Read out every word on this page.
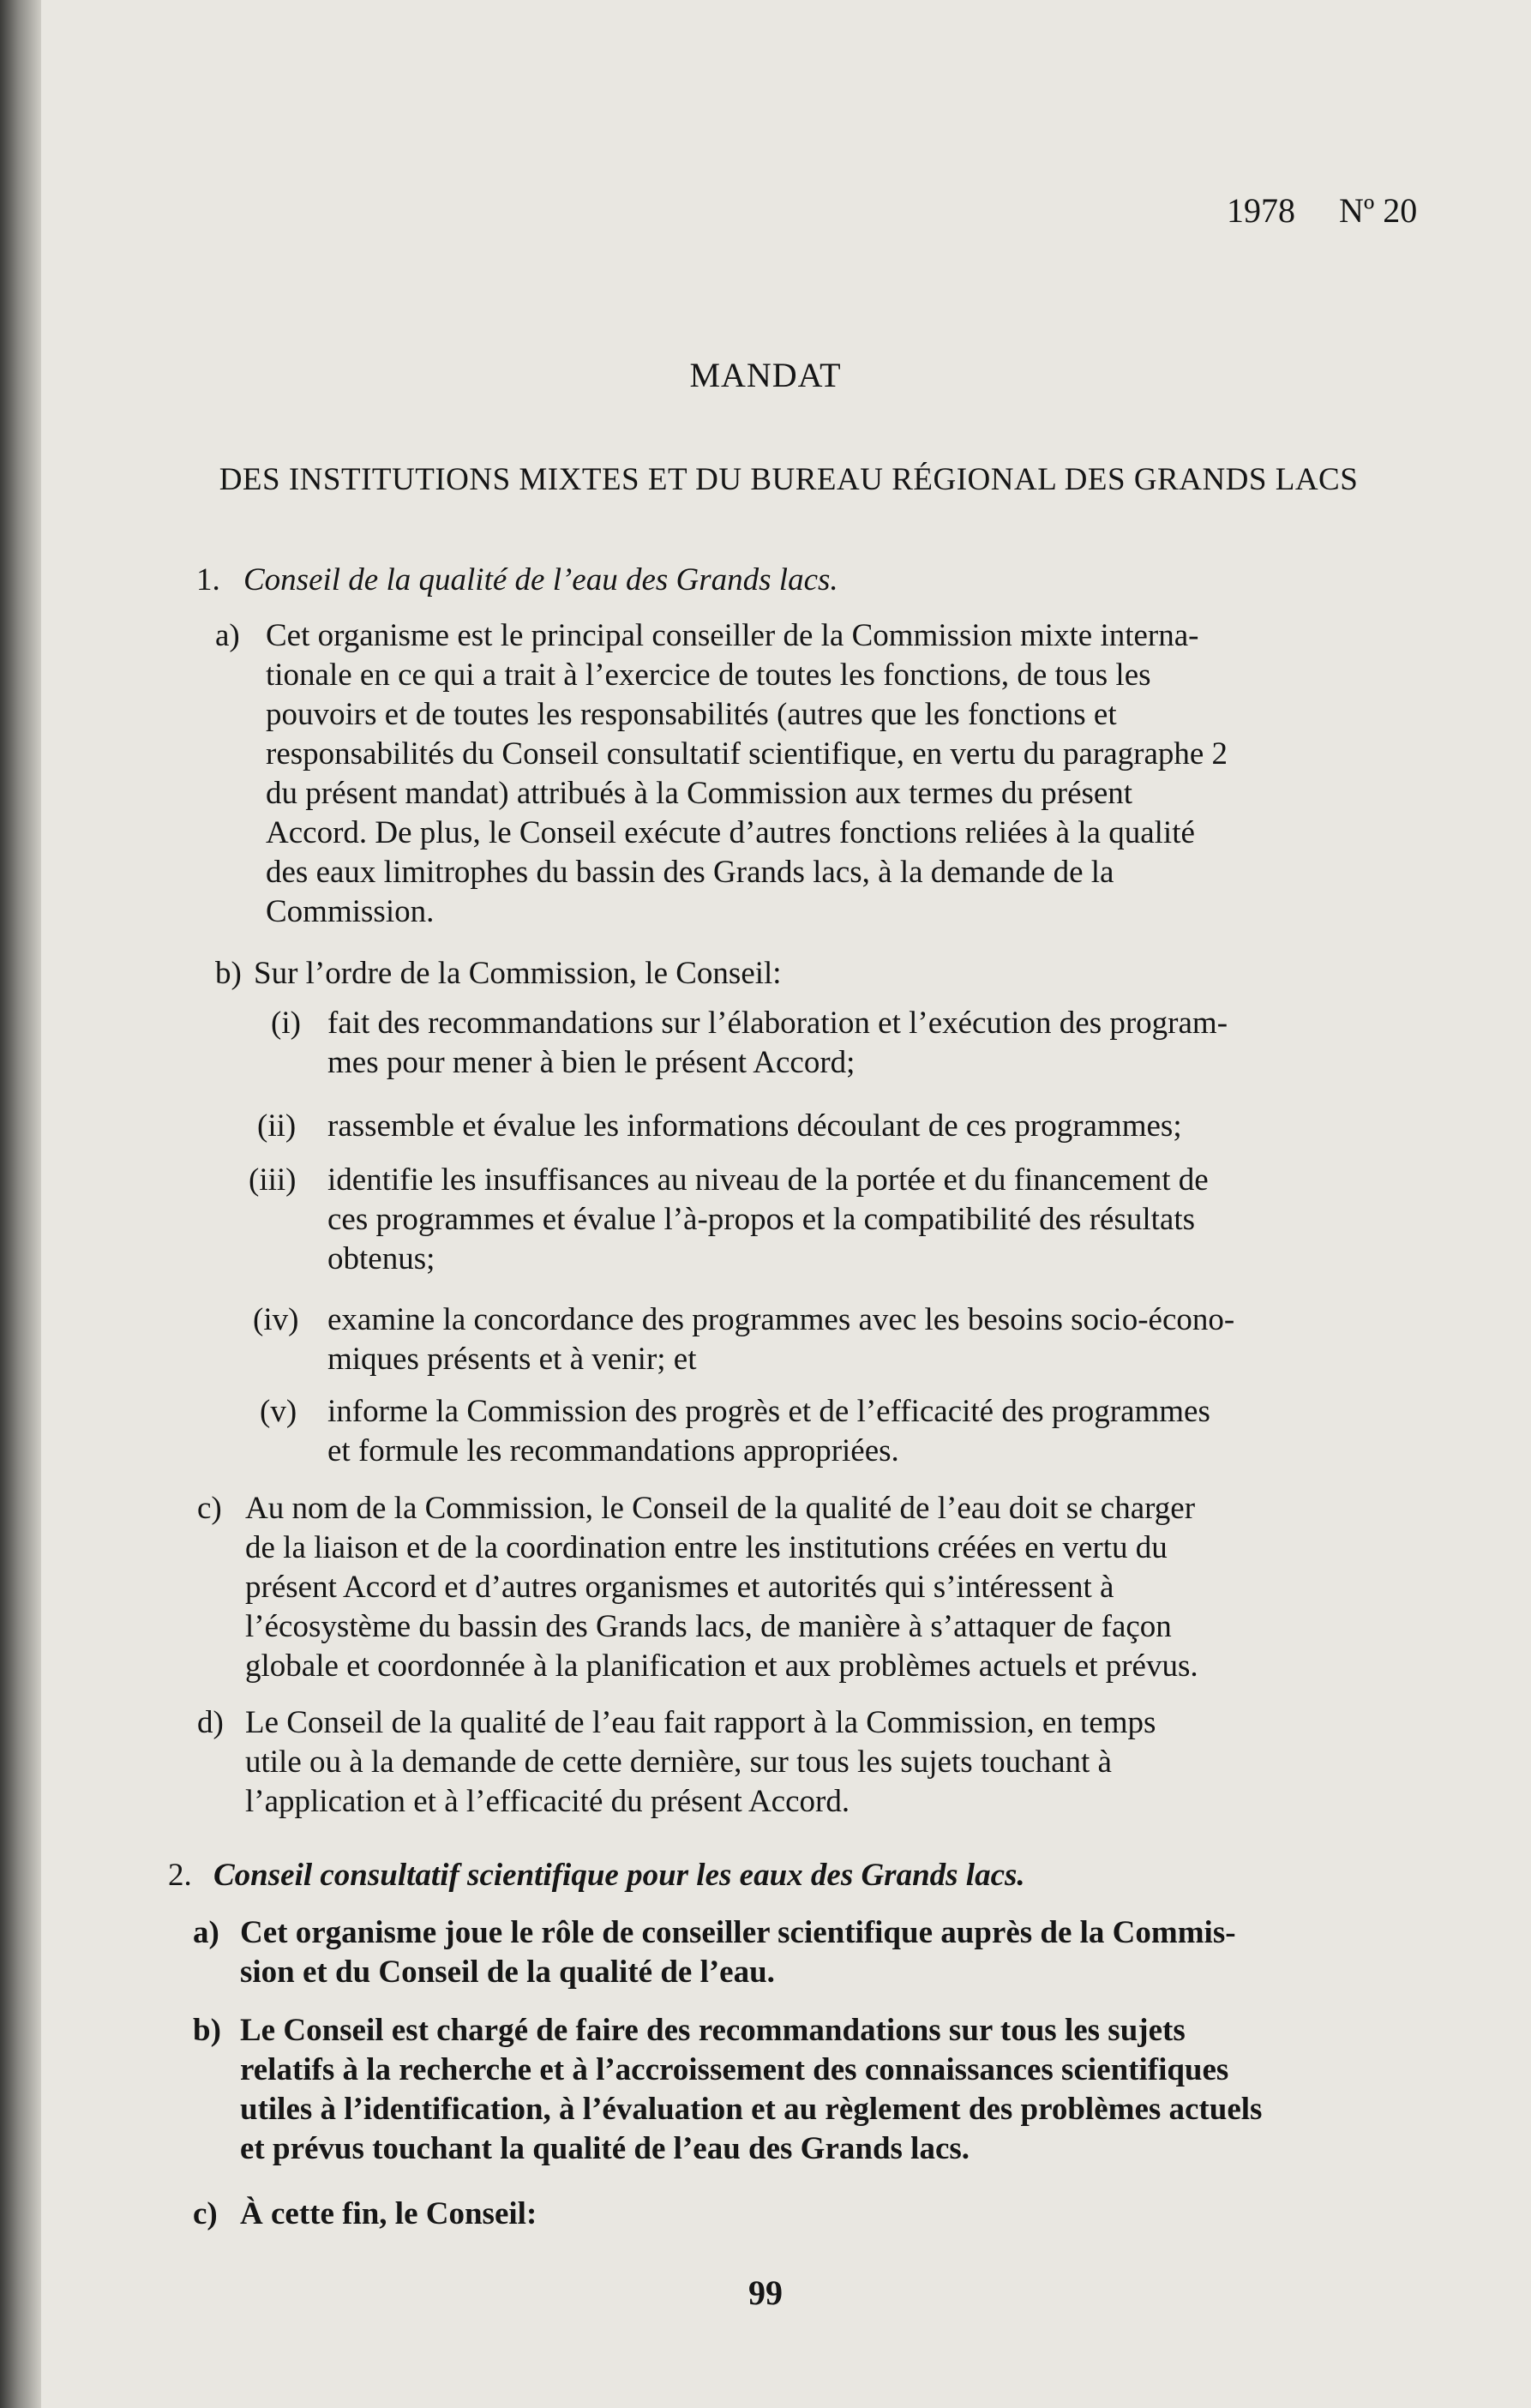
1978 Nº 20
MANDAT
DES INSTITUTIONS MIXTES ET DU BUREAU RÉGIONAL DES GRANDS LACS
1. Conseil de la qualité de l’eau des Grands lacs.
a) Cet organisme est le principal conseiller de la Commission mixte interna-
tionale en ce qui a trait à l’exercice de toutes les fonctions, de tous les
pouvoirs et de toutes les responsabilités (autres que les fonctions et
responsabilités du Conseil consultatif scientifique, en vertu du paragraphe 2
du présent mandat) attribués à la Commission aux termes du présent
Accord. De plus, le Conseil exécute d’autres fonctions reliées à la qualité
des eaux limitrophes du bassin des Grands lacs, à la demande de la
Commission.
b) Sur l’ordre de la Commission, le Conseil:
(i) fait des recommandations sur l’élaboration et l’exécution des program-
mes pour mener à bien le présent Accord;
(ii) rassemble et évalue les informations découlant de ces programmes;
(iii) identifie les insuffisances au niveau de la portée et du financement de
ces programmes et évalue l’à-propos et la compatibilité des résultats
obtenus;
(iv) examine la concordance des programmes avec les besoins socio-écono-
miques présents et à venir; et
(v) informe la Commission des progrès et de l’efficacité des programmes
et formule les recommandations appropriées.
c) Au nom de la Commission, le Conseil de la qualité de l’eau doit se charger
de la liaison et de la coordination entre les institutions créées en vertu du
présent Accord et d’autres organismes et autorités qui s’intéressent à
l’écosystème du bassin des Grands lacs, de manière à s’attaquer de façon
globale et coordonnée à la planification et aux problèmes actuels et prévus.
d) Le Conseil de la qualité de l’eau fait rapport à la Commission, en temps
utile ou à la demande de cette dernière, sur tous les sujets touchant à
l’application et à l’efficacité du présent Accord.
2. Conseil consultatif scientifique pour les eaux des Grands lacs.
a) Cet organisme joue le rôle de conseiller scientifique auprès de la Commis-
sion et du Conseil de la qualité de l’eau.
b) Le Conseil est chargé de faire des recommandations sur tous les sujets
relatifs à la recherche et à l’accroissement des connaissances scientifiques
utiles à l’identification, à l’évaluation et au règlement des problèmes actuels
et prévus touchant la qualité de l’eau des Grands lacs.
c) À cette fin, le Conseil:
99
